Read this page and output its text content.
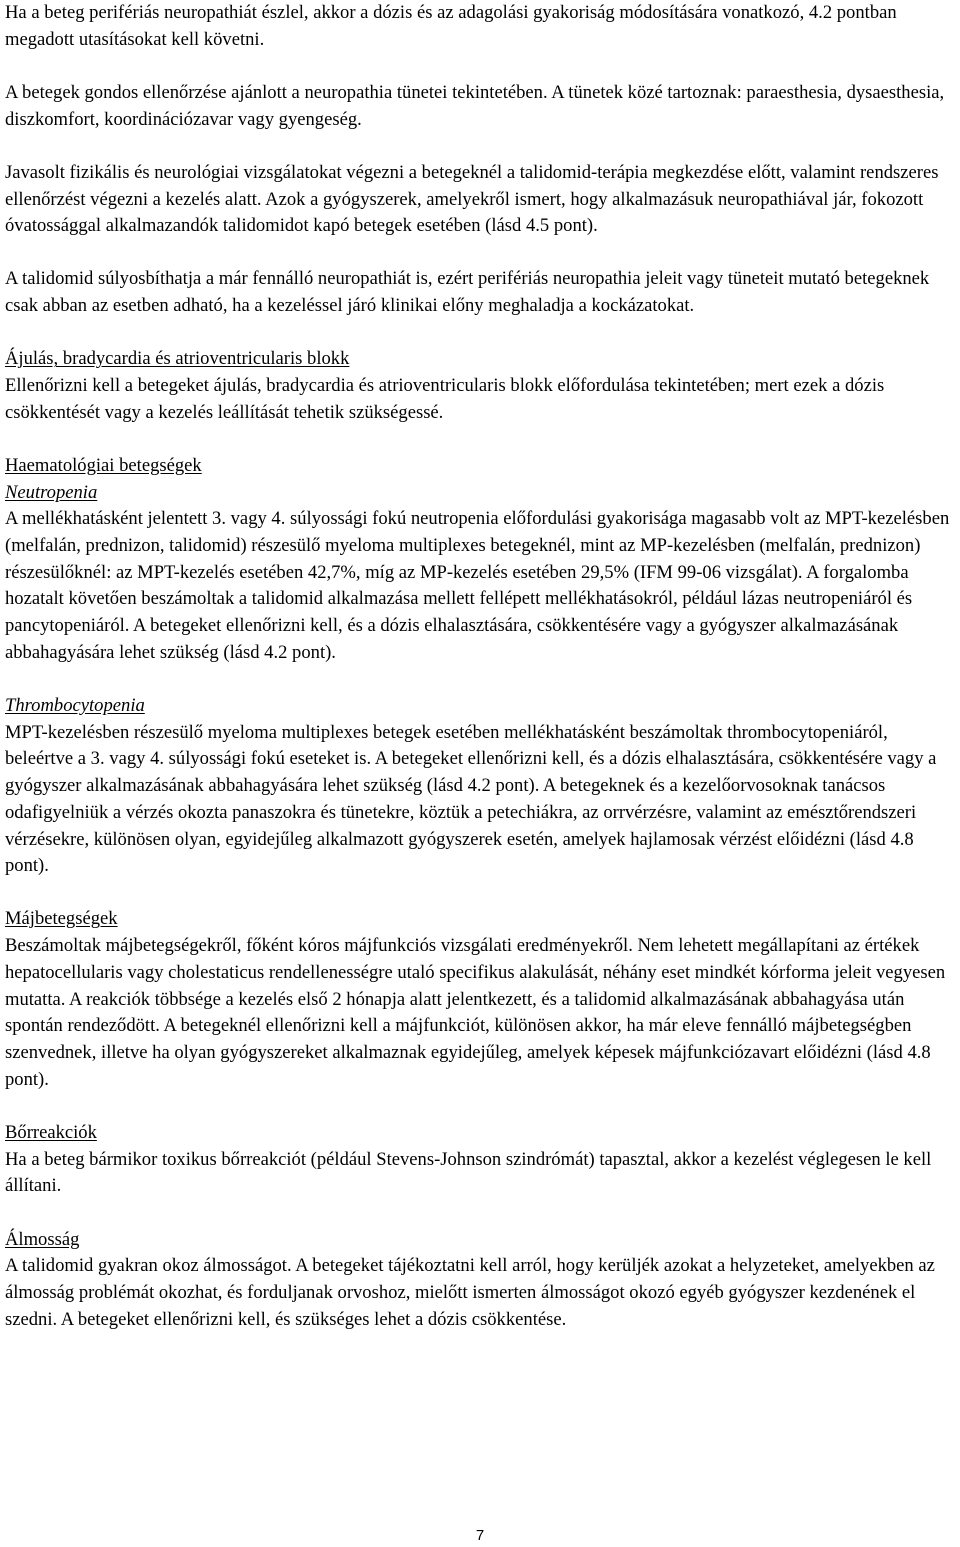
Ha a beteg perifériás neuropathiát észlel, akkor a dózis és az adagolási gyakoriság módosítására vonatkozó, 4.2 pontban megadott utasításokat kell követni.

A betegek gondos ellenőrzése ajánlott a neuropathia tünetei tekintetében. A tünetek közé tartoznak: paraesthesia, dysaesthesia, diszkomfort, koordinációzavar vagy gyengeség.

Javasolt fizikális és neurológiai vizsgálatokat végezni a betegeknél a talidomid-terápia megkezdése előtt, valamint rendszeres ellenőrzést végezni a kezelés alatt. Azok a gyógyszerek, amelyekről ismert, hogy alkalmazásuk neuropathiával jár, fokozott óvatossággal alkalmazandók talidomidot kapó betegek esetében (lásd 4.5 pont).

A talidomid súlyosbíthatja a már fennálló neuropathiát is, ezért perifériás neuropathia jeleit vagy tüneteit mutató betegeknek csak abban az esetben adható, ha a kezeléssel járó klinikai előny meghaladja a kockázatokat.

Ájulás, bradycardia és atrioventricularis blokk

Ellenőrizni kell a betegeket ájulás, bradycardia és atrioventricularis blokk előfordulása tekintetében; mert ezek a dózis csökkentését vagy a kezelés leállítását tehetik szükségessé.

Haematológiai betegségek
Neutropenia

A mellékhatásként jelentett 3. vagy 4. súlyossági fokú neutropenia előfordulási gyakorisága magasabb volt az MPT-kezelésben (melfalán, prednizon, talidomid) részesülő myeloma multiplexes betegeknél, mint az MP-kezelésben (melfalán, prednizon) részesülőknél: az MPT-kezelés esetében 42,7%, míg az MP-kezelés esetében 29,5% (IFM 99-06 vizsgálat). A forgalomba hozatalt követően beszámoltak a talidomid alkalmazása mellett fellépett mellékhatásokról, például lázas neutropeniáról és pancytopeniáról. A betegeket ellenőrizni kell, és a dózis elhalasztására, csökkentésére vagy a gyógyszer alkalmazásának abbahagyására lehet szükség (lásd 4.2 pont).

Thrombocytopenia

MPT-kezelésben részesülő myeloma multiplexes betegek esetében mellékhatásként beszámoltak thrombocytopeniáról, beleértve a 3. vagy 4. súlyossági fokú eseteket is. A betegeket ellenőrizni kell, és a dózis elhalasztására, csökkentésére vagy a gyógyszer alkalmazásának abbahagyására lehet szükség (lásd 4.2 pont). A betegeknek és a kezelőorvosoknak tanácsos odafigyelniük a vérzés okozta panaszokra és tünetekre, köztük a petechiákra, az orrvérzésre, valamint az emésztőrendszeri vérzésekre, különösen olyan, egyidejűleg alkalmazott gyógyszerek esetén, amelyek hajlamosak vérzést előidézni (lásd 4.8 pont).

Májbetegségek

Beszámoltak májbetegségekről, főként kóros májfunkciós vizsgálati eredményekről. Nem lehetett megállapítani az értékek hepatocellularis vagy cholestaticus rendellenességre utaló specifikus alakulását, néhány eset mindkét kórforma jeleit vegyesen mutatta. A reakciók többsége a kezelés első 2 hónapja alatt jelentkezett, és a talidomid alkalmazásának abbahagyása után spontán rendeződött. A betegeknél ellenőrizni kell a májfunkciót, különösen akkor, ha már eleve fennálló májbetegségben szenvednek, illetve ha olyan gyógyszereket alkalmaznak egyidejűleg, amelyek képesek májfunkciózavart előidézni (lásd 4.8 pont).

Bőrreakciók

Ha a beteg bármikor toxikus bőrreakciót (például Stevens-Johnson szindrómát) tapasztal, akkor a kezelést véglegesen le kell állítani.

Álmosság

A talidomid gyakran okoz álmosságot. A betegeket tájékoztatni kell arról, hogy kerüljék azokat a helyzeteket, amelyekben az álmosság problémát okozhat, és forduljanak orvoshoz, mielőtt ismerten álmosságot okozó egyéb gyógyszer kezdenének el szedni. A betegeket ellenőrizni kell, és szükséges lehet a dózis csökkentése.

7
